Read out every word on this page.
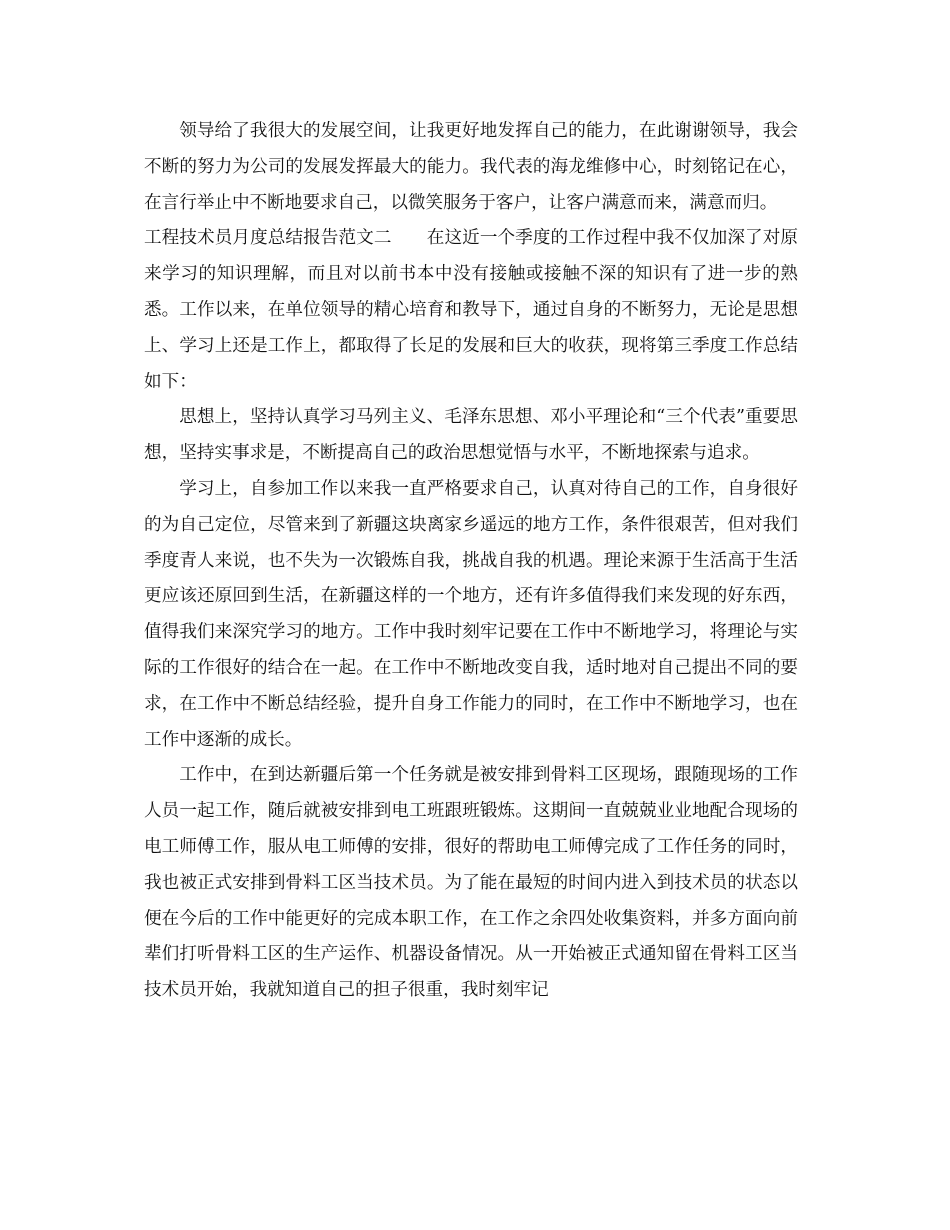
领导给了我很大的发展空间，让我更好地发挥自己的能力，在此谢谢领导，我会不断的努力为公司的发展发挥最大的能力。我代表的海龙维修中心，时刻铭记在心，在言行举止中不断地要求自己，以微笑服务于客户，让客户满意而来，满意而归。

工程技术员月度总结报告范文二 在这近一个季度的工作过程中我不仅加深了对原来学习的知识理解，而且对以前书本中没有接触或接触不深的知识有了进一步的熟悉。工作以来，在单位领导的精心培育和教导下，通过自身的不断努力，无论是思想上、学习上还是工作上，都取得了长足的发展和巨大的收获，现将第三季度工作总结如下：

思想上，坚持认真学习马列主义、毛泽东思想、邓小平理论和“三个代表”重要思想，坚持实事求是，不断提高自己的政治思想觉悟与水平，不断地探索与追求。

学习上，自参加工作以来我一直严格要求自己，认真对待自己的工作，自身很好的为自己定位，尽管来到了新疆这块离家乡遥远的地方工作，条件很艰苦，但对我们季度青人来说，也不失为一次锻炼自我，挑战自我的机遇。理论来源于生活高于生活更应该还原回到生活，在新疆这样的一个地方，还有许多值得我们来发现的好东西，值得我们来深究学习的地方。工作中我时刻牢记要在工作中不断地学习，将理论与实际的工作很好的结合在一起。在工作中不断地改变自我，适时地对自己提出不同的要求，在工作中不断总结经验，提升自身工作能力的同时，在工作中不断地学习，也在工作中逐渐的成长。

工作中，在到达新疆后第一个任务就是被安排到骨料工区现场，跟随现场的工作人员一起工作，随后就被安排到电工班跟班锻炼。这期间一直兢兢业业地配合现场的电工师傅工作，服从电工师傅的安排，很好的帮助电工师傅完成了工作任务的同时，我也被正式安排到骨料工区当技术员。为了能在最短的时间内进入到技术员的状态以便在今后的工作中能更好的完成本职工作，在工作之余四处收集资料，并多方面向前辈们打听骨料工区的生产运作、机器设备情况。从一开始被正式通知留在骨料工区当技术员开始，我就知道自己的担子很重，我时刻牢记
